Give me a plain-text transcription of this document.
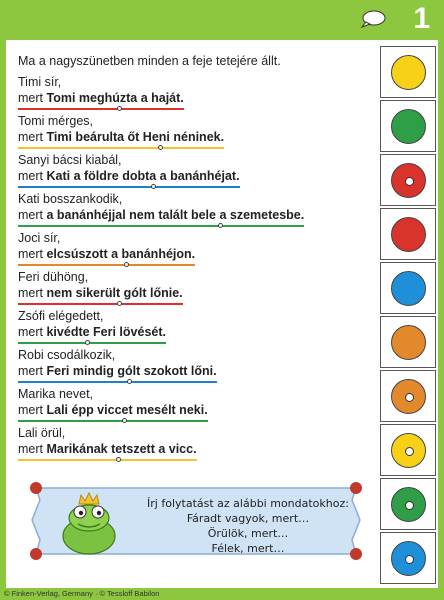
1
Ma a nagyszünetben minden a feje tetejére állt.
Timi sír,
mert Tomi meghúzta a haját.
Tomi mérges,
mert Timi beárulta őt Heni néninek.
Sanyi bácsi kiabál,
mert Kati a földre dobta a banánhéjat.
Kati bosszankodik,
mert a banánhéjjal nem talált bele a szemetesbe.
Joci sír,
mert elcsúszott a banánhéjon.
Feri dühöng,
mert nem sikerült gólt lőnie.
Zsófi elégedett,
mert kivédte Feri lövését.
Robi csodálkozik,
mert Feri mindig gólt szokott lőni.
Marika nevet,
mert Lali épp viccet mesélt neki.
Lali örül,
mert Marikának tetszett a vicc.
Írj folytatást az alábbi mondatokhoz:
Fáradt vagyok, mert…
Örülök, mert…
Félek, mert…
© Finken-Verlag, Germany · © Tessloff Babilon
